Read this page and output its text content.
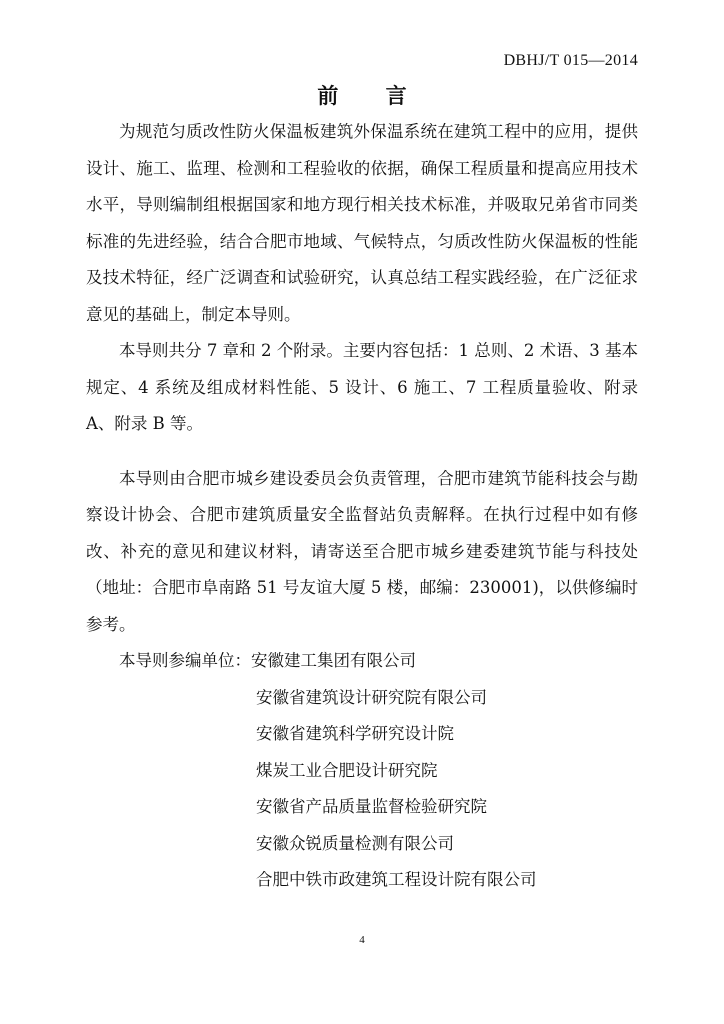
DBHJ/T 015—2014
前 言

为规范匀质改性防火保温板建筑外保温系统在建筑工程中的应用，提供设计、施工、监理、检测和工程验收的依据，确保工程质量和提高应用技术水平，导则编制组根据国家和地方现行相关技术标准，并吸取兄弟省市同类标准的先进经验，结合合肥市地域、气候特点，匀质改性防火保温板的性能及技术特征，经广泛调查和试验研究，认真总结工程实践经验，在广泛征求意见的基础上，制定本导则。

本导则共分 7 章和 2 个附录。主要内容包括：1 总则、2 术语、3 基本规定、4 系统及组成材料性能、5 设计、6 施工、7 工程质量验收、附录 A、附录 B 等。

本导则由合肥市城乡建设委员会负责管理，合肥市建筑节能科技会与勘察设计协会、合肥市建筑质量安全监督站负责解释。在执行过程中如有修改、补充的意见和建议材料，请寄送至合肥市城乡建委建筑节能与科技处（地址：合肥市阜南路 51 号友谊大厦 5 楼，邮编：230001)，以供修编时参考。

本导则参编单位：安徽建工集团有限公司

安徽省建筑设计研究院有限公司
安徽省建筑科学研究设计院
煤炭工业合肥设计研究院
安徽省产品质量监督检验研究院
安徽众锐质量检测有限公司
合肥中铁市政建筑工程设计院有限公司
4
